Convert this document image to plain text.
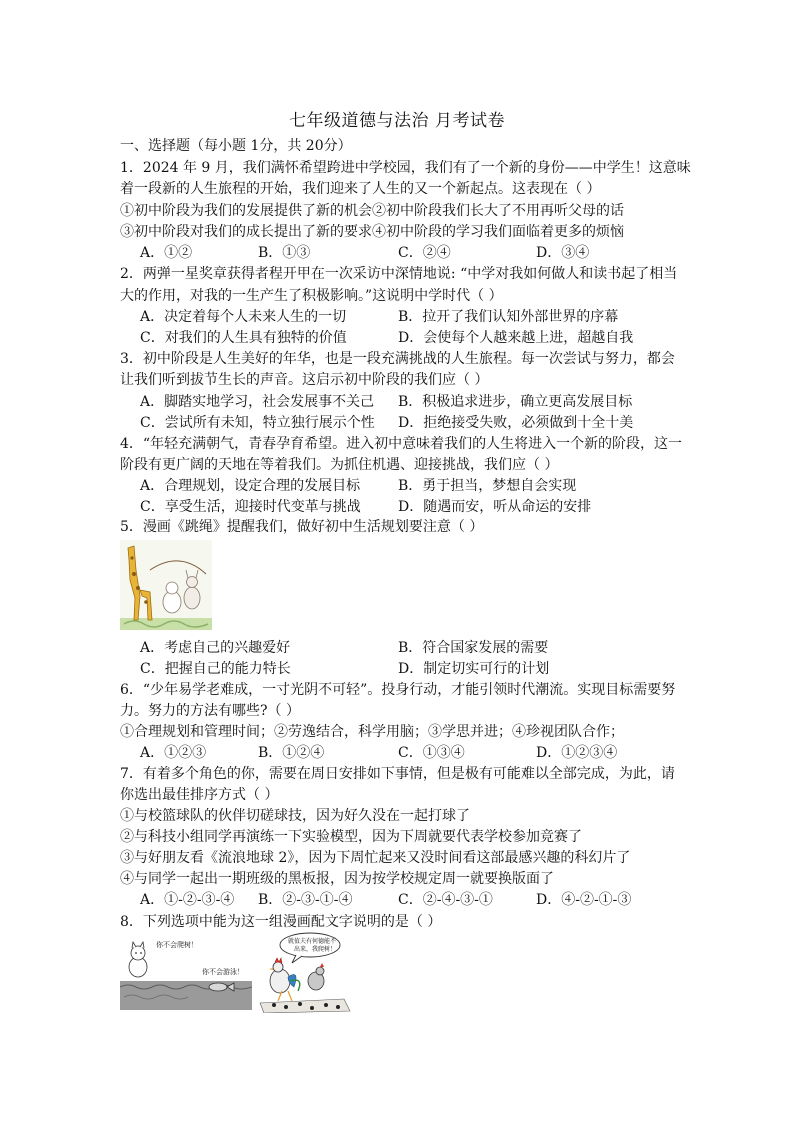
七年级道德与法治 月考试卷
一、选择题（每小题 1分，共 20分）
1．2024 年 9 月，我们满怀希望跨进中学校园，我们有了一个新的身份——中学生！这意味
着一段新的人生旅程的开始，我们迎来了人生的又一个新起点。这表现在（ ）
①初中阶段为我们的发展提供了新的机会②初中阶段我们长大了不用再听父母的话
③初中阶段对我们的成长提出了新的要求④初中阶段的学习我们面临着更多的烦恼
A．①②	B．①③	C．②④	D．③④
2．两弹一星奖章获得者程开甲在一次采访中深情地说: “中学对我如何做人和读书起了相当
大的作用，对我的一生产生了积极影响。”这说明中学时代（ ）
A．决定着每个人未来人生的一切	B．拉开了我们认知外部世界的序幕
C．对我们的人生具有独特的价值	D．会使每个人越来越上进，超越自我
3．初中阶段是人生美好的年华，也是一段充满挑战的人生旅程。每一次尝试与努力，都会
让我们听到拔节生长的声音。这启示初中阶段的我们应（ ）
A．脚踏实地学习，社会发展事不关己 B．积极追求进步，确立更高发展目标
C．尝试所有未知，特立独行展示个性 D．拒绝接受失败，必须做到十全十美
4．“年轻充满朝气，青春孕育希望。进入初中意味着我们的人生将进入一个新的阶段，这一
阶段有更广阔的天地在等着我们。为抓住机遇、迎接挑战，我们应（ ）
A．合理规划，设定合理的发展目标	B．勇于担当，梦想自会实现
C．享受生活，迎接时代变革与挑战	D．随遇而安，听从命运的安排
5．漫画《跳绳》提醒我们，做好初中生活规划要注意（ ）
A．考虑自己的兴趣爱好	B．符合国家发展的需要
C．把握自己的能力特长	D．制定切实可行的计划
6．“少年易学老难成，一寸光阴不可轻”。投身行动，才能引领时代潮流。实现目标需要努
力。努力的方法有哪些?（ ）
①合理规划和管理时间；②劳逸结合，科学用脑；③学思并进；④珍视团队合作；
A．①②③	B．①②④	C．①③④	D．①②③④
7．有着多个角色的你，需要在周日安排如下事情，但是极有可能难以全部完成，为此，请
你选出最佳排序方式（ ）
①与校篮球队的伙伴切磋球技，因为好久没在一起打球了
②与科技小组同学再演练一下实验模型，因为下周就要代表学校参加竞赛了
③与好朋友看《流浪地球 2》，因为下周忙起来又没时间看这部最感兴趣的科幻片了
④与同学一起出一期班级的黑板报，因为按学校规定周一就要换版面了
A．①-②-③-④ B．②-③-①-④	C．②-④-③-①	D．④-②-①-③
8．下列选项中能为这一组漫画配文字说明的是（ ）
你不会爬树！
你不会游泳！
就值夫有何德能不
出来，我爬树！
